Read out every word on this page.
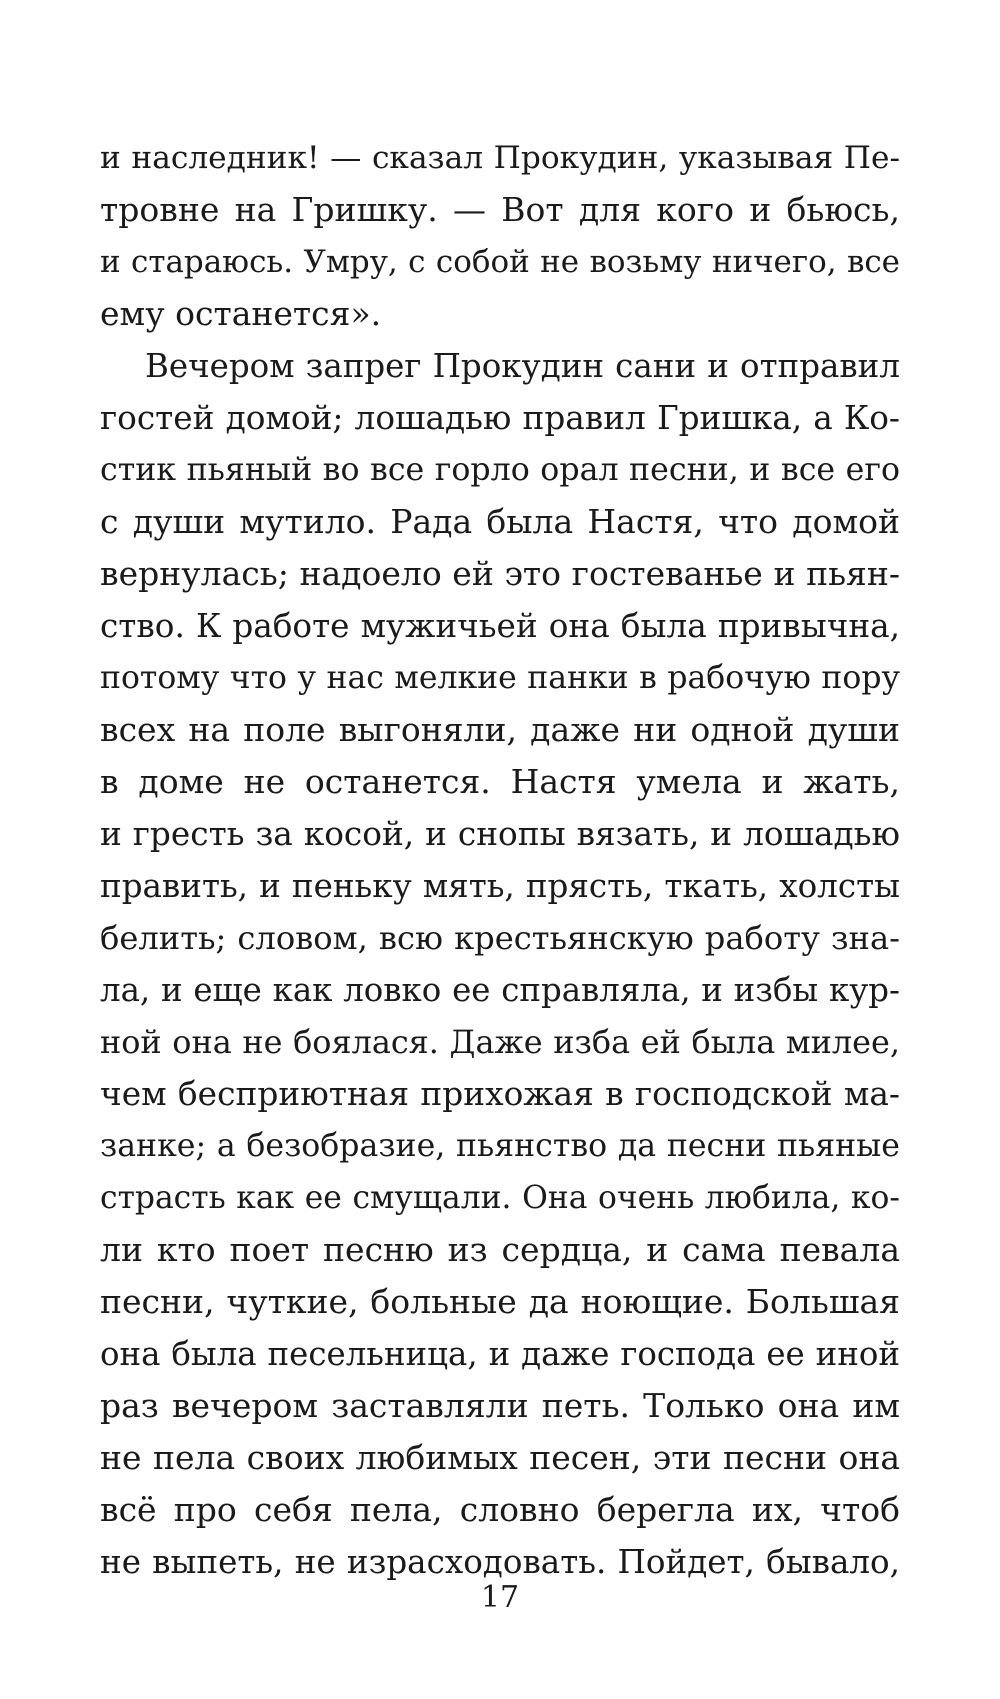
и наследник! — сказал Прокудин, указывая Пе-
тровне на Гришку. — Вот для кого и бьюсь,
и стараюсь. Умру, с собой не возьму ничего, все
ему останется».
Вечером запрег Прокудин сани и отправил
гостей домой; лошадью правил Гришка, а Ко-
стик пьяный во все горло орал песни, и все его
с души мутило. Рада была Настя, что домой
вернулась; надоело ей это гостеванье и пьян-
ство. К работе мужичьей она была привычна,
потому что у нас мелкие панки в рабочую пору
всех на поле выгоняли, даже ни одной души
в доме не останется. Настя умела и жать,
и гресть за косой, и снопы вязать, и лошадью
править, и пеньку мять, прясть, ткать, холсты
белить; словом, всю крестьянскую работу зна-
ла, и еще как ловко ее справляла, и избы кур-
ной она не боялася. Даже изба ей была милее,
чем бесприютная прихожая в господской ма-
занке; а безобразие, пьянство да песни пьяные
страсть как ее смущали. Она очень любила, ко-
ли кто поет песню из сердца, и сама певала
песни, чуткие, больные да ноющие. Большая
она была песельница, и даже господа ее иной
раз вечером заставляли петь. Только она им
не пела своих любимых песен, эти песни она
всё про себя пела, словно берегла их, чтоб
не выпеть, не израсходовать. Пойдет, бывало,
17
